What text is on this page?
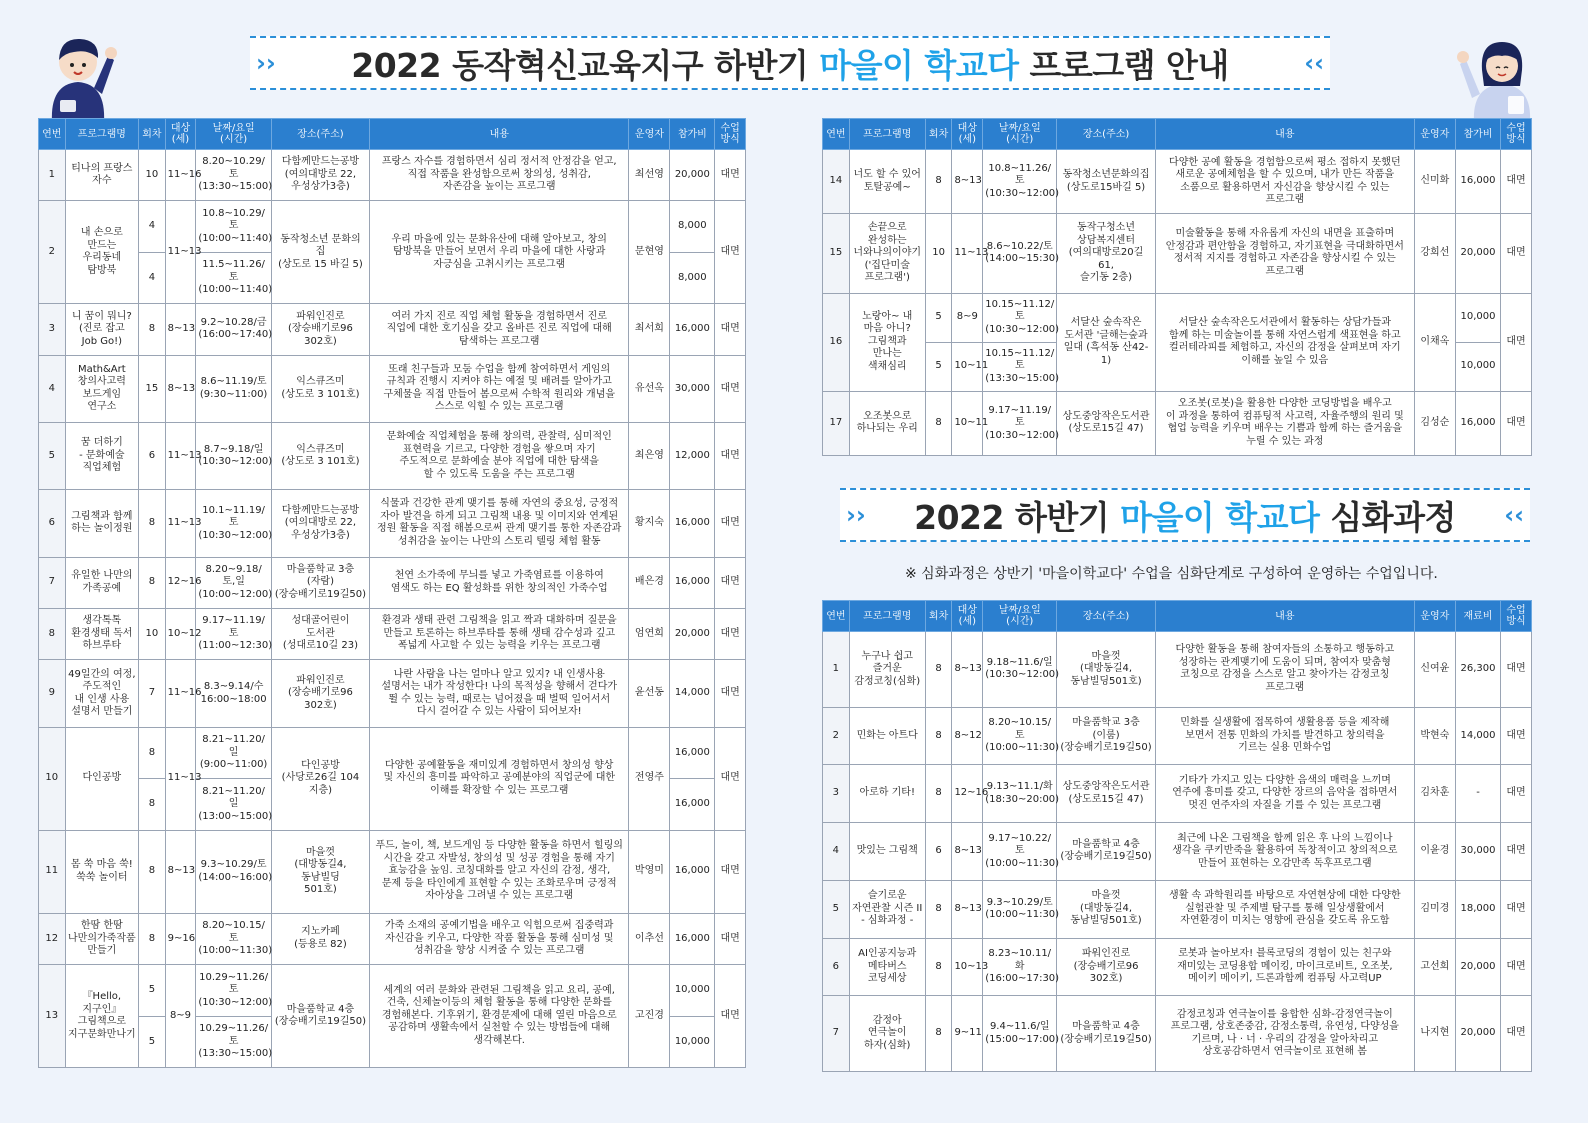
›› 2022 동작혁신교육지구 하반기 마을이 학교다 프로그램 안내	‹‹
›› 2022 하반기 마을이 학교다 심화과정 ‹‹
※ 심화과정은 상반기 '마을이학교다' 수업을 심화단계로 구성하여 운영하는 수업입니다.
연번	프로그램명	회차	대상
(세)	날짜/요일
(시간)	장소(주소)	내용	운영자	참가비	수업
방식
1	티나의 프랑스
자수	10	11~16	8.20~10.29/토
(13:30~15:00)	다함께만드는공방
(여의대방로 22,
우성상가3층)	프랑스 자수를 경험하면서 심리 정서적 안정감을 얻고,
직접 작품을 완성함으로써 창의성, 성취감,
자존감을 높이는 프로그램	최선영	20,000	대면
2	내 손으로
만드는
우리동네
탐방북	4	11~13	10.8~10.29/토
(10:00~11:40)	동작청소년 문화의 집
(상도로 15 바길 5)	우리 마을에 있는 문화유산에 대해 알아보고, 창의
탐방북을 만들어 보면서 우리 마을에 대한 사랑과
자긍심을 고취시키는 프로그램	문현영	8,000	대면
		4		11.5~11.26/토
(10:00~11:40)				8,000	
3	니 꿈이 뭐니?
(진로 잡고
Job Go!)	8	8~13	9.2~10.28/금
(16:00~17:40)	파워인진로
(장승배기로96
302호)	여러 가지 진로 직업 체험 활동을 경험하면서 진로
직업에 대한 호기심을 갖고 올바른 진로 직업에 대해
탐색하는 프로그램	최서희	16,000	대면
4	Math&Art
창의사고력
보드게임
연구소	15	8~13	8.6~11.19/토
(9:30~11:00)	익스큐즈미
(상도로 3 101호)	또래 친구들과 모둠 수업을 함께 참여하면서 게임의
규칙과 진행시 지켜야 하는 예절 및 배려를 알아가고
구체물을 직접 만들어 봄으로써 수학적 원리와 개념을
스스로 익힐 수 있는 프로그램	유선옥	30,000	대면
5	꿈 더하기
- 문화예술
직업체험	6	11~13	8.7~9.18/일
(10:30~12:00)	익스큐즈미
(상도로 3 101호)	문화예술 직업체험을 통해 창의력, 관찰력, 심미적인
표현력을 기르고, 다양한 경험을 쌓으며 자기
주도적으로 문화예술 분야 직업에 대한 탐색을
할 수 있도록 도움을 주는 프로그램	최은영	12,000	대면
6	그림책과 함께
하는 놀이정원	8	11~13	10.1~11.19/토
(10:30~12:00)	다함께만드는공방
(여의대방로 22,
우성상가3층)	식물과 건강한 관계 맺기를 통해 자연의 중요성, 긍정적
자아 발견을 하게 되고 그림책 내용 및 이미지와 연계된
정원 활동을 직접 해봄으로써 관계 맺기를 통한 자존감과
성취감을 높이는 나만의 스토리 텔링 체험 활동	황지숙	16,000	대면
7	유일한 나만의
가족공예	8	12~16	8.20~9.18/
토,일
(10:00~12:00)	마을품학교 3층(자람)
(장승배기로19길50)	천연 소가죽에 무늬를 넣고 가죽염료를 이용하여
염색도 하는 EQ 활성화를 위한 창의적인 가죽수업	배은경	16,000	대면
8	생각톡톡
환경생태 독서
하브루타	10	10~12	9.17~11.19/토
(11:00~12:30)	성대골어린이
도서관
(성대로10길 23)	환경과 생태 관련 그림책을 읽고 짝과 대화하며 질문을
만들고 토론하는 하브루타를 통해 생태 감수성과 깊고
폭넓게 사고할 수 있는 능력을 키우는 프로그램	엄연희	20,000	대면
9	49일간의 여정,
주도적인
내 인생 사용
설명서 만들기	7	11~16	8.3~9.14/수
16:00~18:00	파워인진로
(장승배기로96
302호)	나란 사람을 나는 얼마나 알고 있지? 내 인생사용
설명서는 내가 작성한다! 나의 목적성을 향해서 걷다가
뛸 수 있는 능력, 때로는 넘어졌을 때 벌떡 일어서서
다시 걸어갈 수 있는 사람이 되어보자!	윤선동	14,000	대면
10	다인공방	8	11~13	8.21~11.20/일
(9:00~11:00)	다인공방
(사당로26길 104
지층)	다양한 공예활동을 재미있게 경험하면서 창의성 향상
및 자신의 흥미를 파악하고 공예분야의 직업군에 대한
이해를 확장할 수 있는 프로그램	전영주	16,000	대면
		8		8.21~11.20/일
(13:00~15:00)				16,000	
11	몸 쑥 마음 쑥!
쑥쑥 놀이터	8	8~13	9.3~10.29/토
(14:00~16:00)	마을껏
(대방동길4,
동남빌딩
501호)	푸드, 놀이, 책, 보드게임 등 다양한 활동을 하면서 힐링의
시간을 갖고 자발성, 창의성 및 성공 경험을 통해 자기
효능감을 높임. 코칭대화를 알고 자신의 감정, 생각,
문제 등을 타인에게 표현할 수 있는 조화로우며 긍정적
자아상을 그려낼 수 있는 프로그램	박영미	16,000	대면
12	한땀 한땀
나만의가죽작품
만들기	8	9~16	8.20~10.15/토
(10:00~11:30)	지노카페
(등용로 82)	가죽 소재의 공예기법을 배우고 익힘으로써 집중력과
자신감을 키우고, 다양한 작품 활동을 통해 심미성 및
성취감을 향상 시켜줄 수 있는 프로그램	이추선	16,000	대면
13	『Hello, 지구인』
그림책으로
지구문화만나기	5	8~9	10.29~11.26/토
(10:30~12:00)	마을품학교 4층
(장승배기로19길50)	세계의 여러 문화와 관련된 그림책을 읽고 요리, 공예,
건축, 신체놀이등의 체험 활동을 통해 다양한 문화를
경험해본다. 기후위기, 환경문제에 대해 열린 마음으로
공감하며 생활속에서 실천할 수 있는 방법들에 대해
생각해본다.	고진경	10,000	대면
		5		10.29~11.26/토
(13:30~15:00)				10,000	
연번	프로그램명	회차	대상
(세)	날짜/요일
(시간)	장소(주소)	내용	운영자	참가비	수업
방식
14	너도 할 수 있어
토탈공예~	8	8~13	10.8~11.26/토
(10:30~12:00)	동작청소년문화의집
(상도로15바길 5)	다양한 공예 활동을 경험함으로써 평소 접하지 못했던
새로운 공예체험을 할 수 있으며, 내가 만든 작품을
소품으로 활용하면서 자신감을 향상시킬 수 있는
프로그램	신미화	16,000	대면
15	손끝으로
완성하는
너와나의이야기
('집단미술
프로그램')	10	11~13	8.6~10.22/토
(14:00~15:30)	동작구청소년
상담복지센터
(여의대방로20길 61,
슬기동 2층)	미술활동을 통해 자유롭게 자신의 내면을 표출하며
안정감과 편안함을 경험하고, 자기표현을 극대화하면서
정서적 지지를 경험하고 자존감을 향상시킬 수 있는
프로그램	강희선	20,000	대면
16	노랑아~ 내
마음 아니?
그림책과
만나는
색채심리	5	8~9	10.15~11.12/토
(10:30~12:00)	서달산 숲속작은
도서관 '글해는숲과
일대 (흑석동 산42-1)	서달산 숲속작은도서관에서 활동하는 상담가들과
함께 하는 미술놀이를 통해 자연스럽게 색표현을 하고
컬러테라피를 체험하고, 자신의 감정을 살펴보며 자기
이해를 높일 수 있음	이채옥	10,000	대면
		5	10~11	10.15~11.12/토
(13:30~15:00)				10,000	
17	오조봇으로
하나되는 우리	8	10~11	9.17~11.19/토
(10:30~12:00)	상도중앙작은도서관
(상도로15길 47)	오조봇(로봇)을 활용한 다양한 코딩방법을 배우고
이 과정을 통하여 컴퓨팅적 사고력, 자율주행의 원리 및
협업 능력을 키우며 배우는 기쁨과 함께 하는 즐거움을
누릴 수 있는 과정	김성순	16,000	대면
연번	프로그램명	회차	대상
(세)	날짜/요일
(시간)	장소(주소)	내용	운영자	재료비	수업
방식
1	누구나 쉽고
즐거운
감정코칭(심화)	8	8~13	9.18~11.6/일
(10:30~12:00)	마을껏
(대방동길4,
동남빌딩501호)	다양한 활동을 통해 참여자들의 소통하고 행동하고
성장하는 관계맺기에 도움이 되며, 참여자 맞춤형
코칭으로 감정을 스스로 알고 찾아가는 감정코칭
프로그램	신여윤	26,300	대면
2	민화는 아트다	8	8~12	8.20~10.15/토
(10:00~11:30)	마을품학교 3층(이룸)
(장승배기로19길50)	민화를 실생활에 접목하여 생활용품 등을 제작해
보면서 전통 민화의 가치를 발견하고 창의력을
기르는 실용 민화수업	박현숙	14,000	대면
3	아로하 기타!	8	12~16	9.13~11.1/화
(18:30~20:00)	상도중앙작은도서관
(상도로15길 47)	기타가 가지고 있는 다양한 음색의 매력을 느끼며
연주에 흥미를 갖고, 다양한 장르의 음악을 접하면서
멋진 연주자의 자질을 기를 수 있는 프로그램	김차훈	-	대면
4	맛있는 그림책	6	8~13	9.17~10.22/토
(10:00~11:30)	마을품학교 4층
(장승배기로19길50)	최근에 나온 그림책을 함께 읽은 후 나의 느낌이나
생각을 쿠키반죽을 활용하여 독창적이고 창의적으로
만들어 표현하는 오감만족 독후프로그램	이윤경	30,000	대면
5	슬기로운
자연관찰 시즌 II
- 심화과정 -	8	8~13	9.3~10.29/토
(10:00~11:30)	마을껏
(대방동길4,
동남빌딩501호)	생활 속 과학원리를 바탕으로 자연현상에 대한 다양한
실험관찰 및 주제별 탐구를 통해 일상생활에서
자연환경이 미치는 영향에 관심을 갖도록 유도함	김미경	18,000	대면
6	AI인공지능과
메타버스
코딩세상	8	10~13	8.23~10.11/화
(16:00~17:30)	파워인진로
(장승배기로96
302호)	로봇과 놀아보자! 블록코딩의 경험이 있는 친구와
재미있는 코딩용합 메이킹, 마이크로비트, 오조봇,
메이키 메이키, 드론과함께 컴퓨팅 사고력UP	고선희	20,000	대면
7	감정아
연극놀이
하자(심화)	8	9~11	9.4~11.6/일
(15:00~17:00)	마을품학교 4층
(장승배기로19길50)	감정코칭과 연극놀이를 융합한 심화-감정연극놀이
프로그램, 상호존중감, 감정소통력, 유연성, 다양성을
기르며, 나 · 너 · 우리의 감정을 알아차리고
상호공감하면서 연극놀이로 표현해 봄	나지현	20,000	대면
